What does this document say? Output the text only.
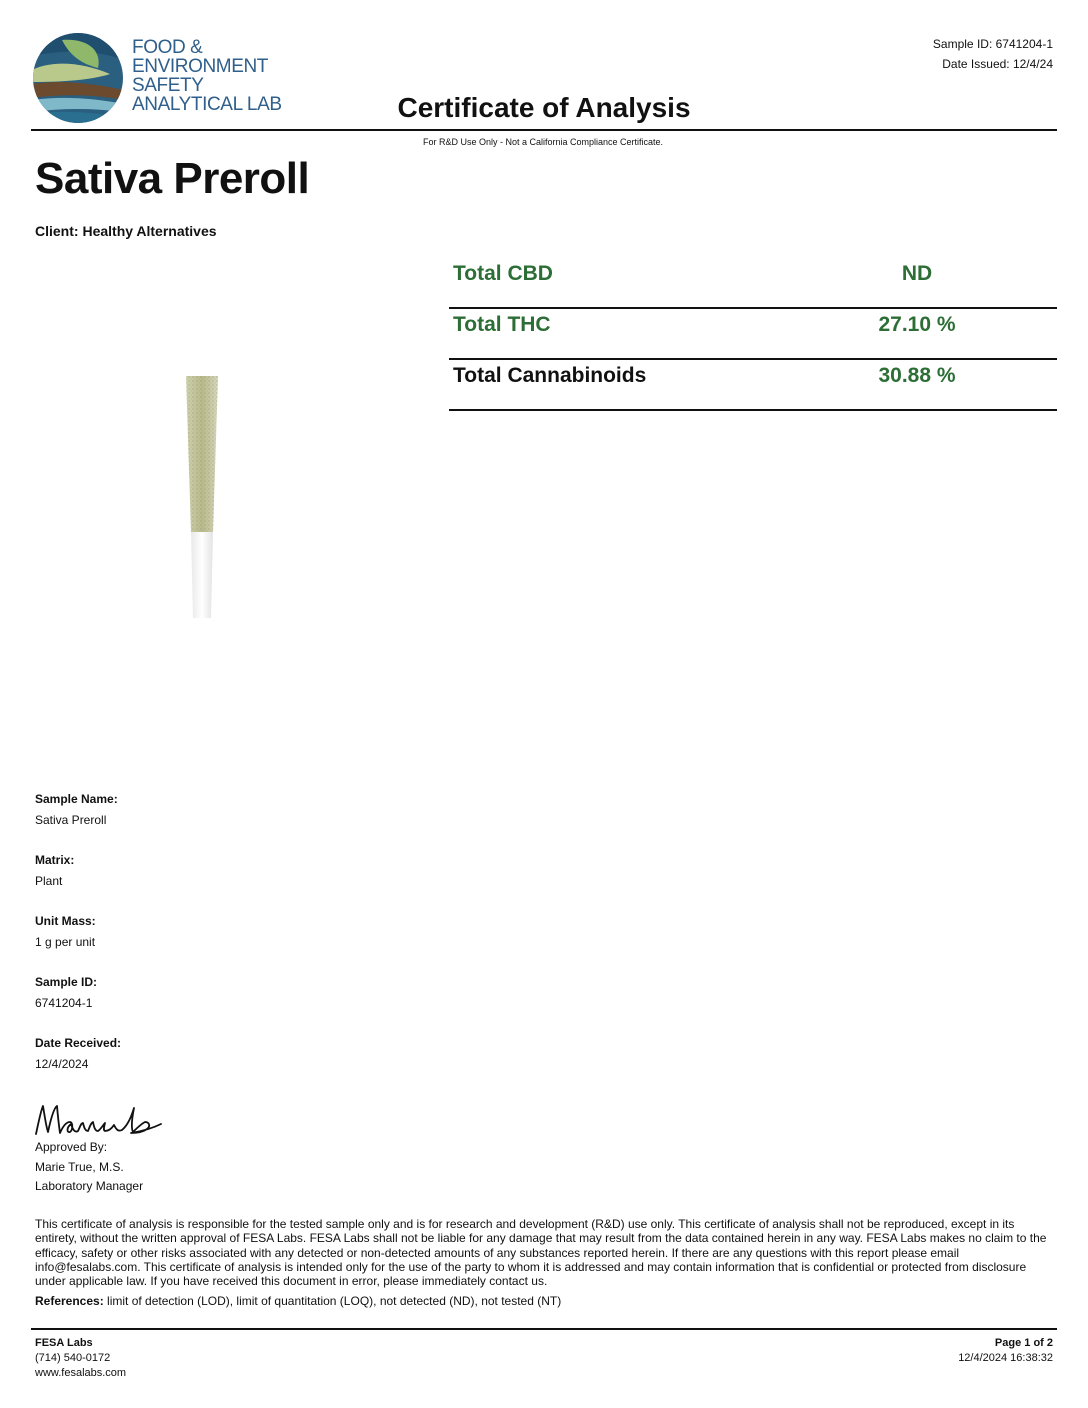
FOOD &
ENVIRONMENT
SAFETY
ANALYTICAL LAB
Sample ID: 6741204-1
Date Issued: 12/4/24
Certificate of Analysis
For R&D Use Only - Not a California Compliance Certificate.
Sativa Preroll
Client: Healthy Alternatives
Total CBD	ND
Total THC	27.10 %
Total Cannabinoids	30.88 %
Sample Name:
Sativa Preroll
Matrix:
Plant
Unit Mass:
1 g per unit
Sample ID:
6741204-1
Date Received:
12/4/2024
Approved By:
Marie True, M.S.
Laboratory Manager
This certificate of analysis is responsible for the tested sample only and is for research and development (R&D) use only. This certificate of analysis shall not be reproduced, except in its entirety, without the written approval of FESA Labs. FESA Labs shall not be liable for any damage that may result from the data contained herein in any way. FESA Labs makes no claim to the efficacy, safety or other risks associated with any detected or non-detected amounts of any substances reported herein. If there are any questions with this report please email info@fesalabs.com. This certificate of analysis is intended only for the use of the party to whom it is addressed and may contain information that is confidential or protected from disclosure under applicable law. If you have received this document in error, please immediately contact us.
References: limit of detection (LOD), limit of quantitation (LOQ), not detected (ND), not tested (NT)
FESA Labs
(714) 540-0172
www.fesalabs.com
Page 1 of 2
12/4/2024 16:38:32
